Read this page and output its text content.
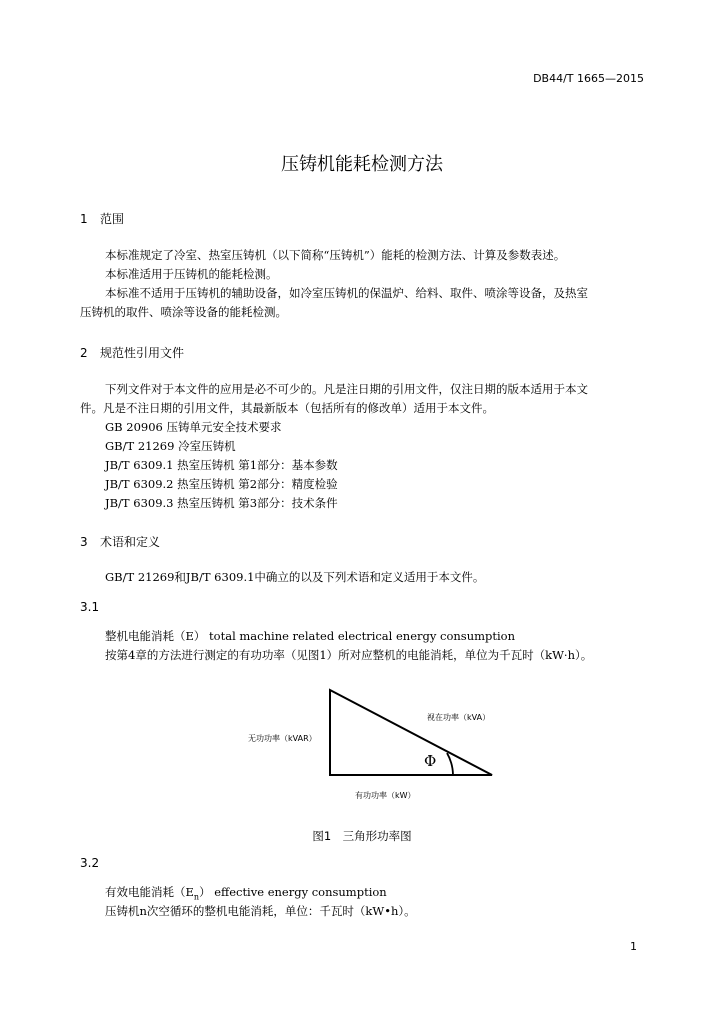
DB44/T 1665—2015
压铸机能耗检测方法
1 范围
本标准规定了冷室、热室压铸机（以下简称“压铸机”）能耗的检测方法、计算及参数表述。
本标准适用于压铸机的能耗检测。
本标准不适用于压铸机的辅助设备，如冷室压铸机的保温炉、给料、取件、喷涂等设备，及热室
压铸机的取件、喷涂等设备的能耗检测。
2 规范性引用文件
下列文件对于本文件的应用是必不可少的。凡是注日期的引用文件，仅注日期的版本适用于本文
件。凡是不注日期的引用文件，其最新版本（包括所有的修改单）适用于本文件。
GB 20906 压铸单元安全技术要求
GB/T 21269 冷室压铸机
JB/T 6309.1 热室压铸机 第1部分：基本参数
JB/T 6309.2 热室压铸机 第2部分：精度检验
JB/T 6309.3 热室压铸机 第3部分：技术条件
3 术语和定义
GB/T 21269和JB/T 6309.1中确立的以及下列术语和定义适用于本文件。
3.1
整机电能消耗（E） total machine related electrical energy consumption
按第4章的方法进行测定的有功功率（见图1）所对应整机的电能消耗，单位为千瓦时（kW·h）。
视在功率（kVA）
无功功率（kVAR）
Φ
有功功率（kW）
图1　三角形功率图
3.2
有效电能消耗$(E_n)$ effective energy consumption
压铸机n次空循环的整机电能消耗，单位：千瓦时（kW•h）。
1
